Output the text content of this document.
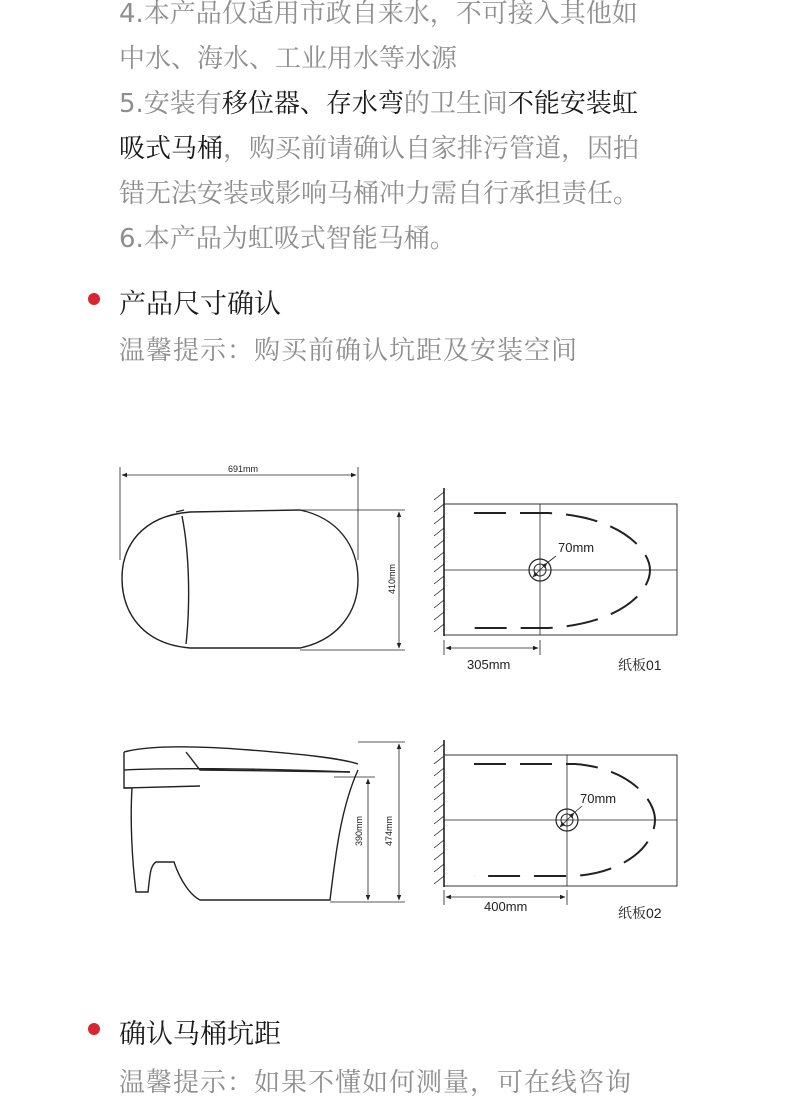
4.本产品仅适用市政自来水，不可接入其他如
中水、海水、工业用水等水源
5.安装有移位器、存水弯的卫生间不能安装虹
吸式马桶，购买前请确认自家排污管道，因拍
错无法安装或影响马桶冲力需自行承担责任。
6.本产品为虹吸式智能马桶。
产品尺寸确认
温馨提示：购买前确认坑距及安装空间
691mm
410mm
70mm
305mm	纸板01
390mm 474mm
70mm
400mm	纸板02
确认马桶坑距
温馨提示：如果不懂如何测量，可在线咨询
